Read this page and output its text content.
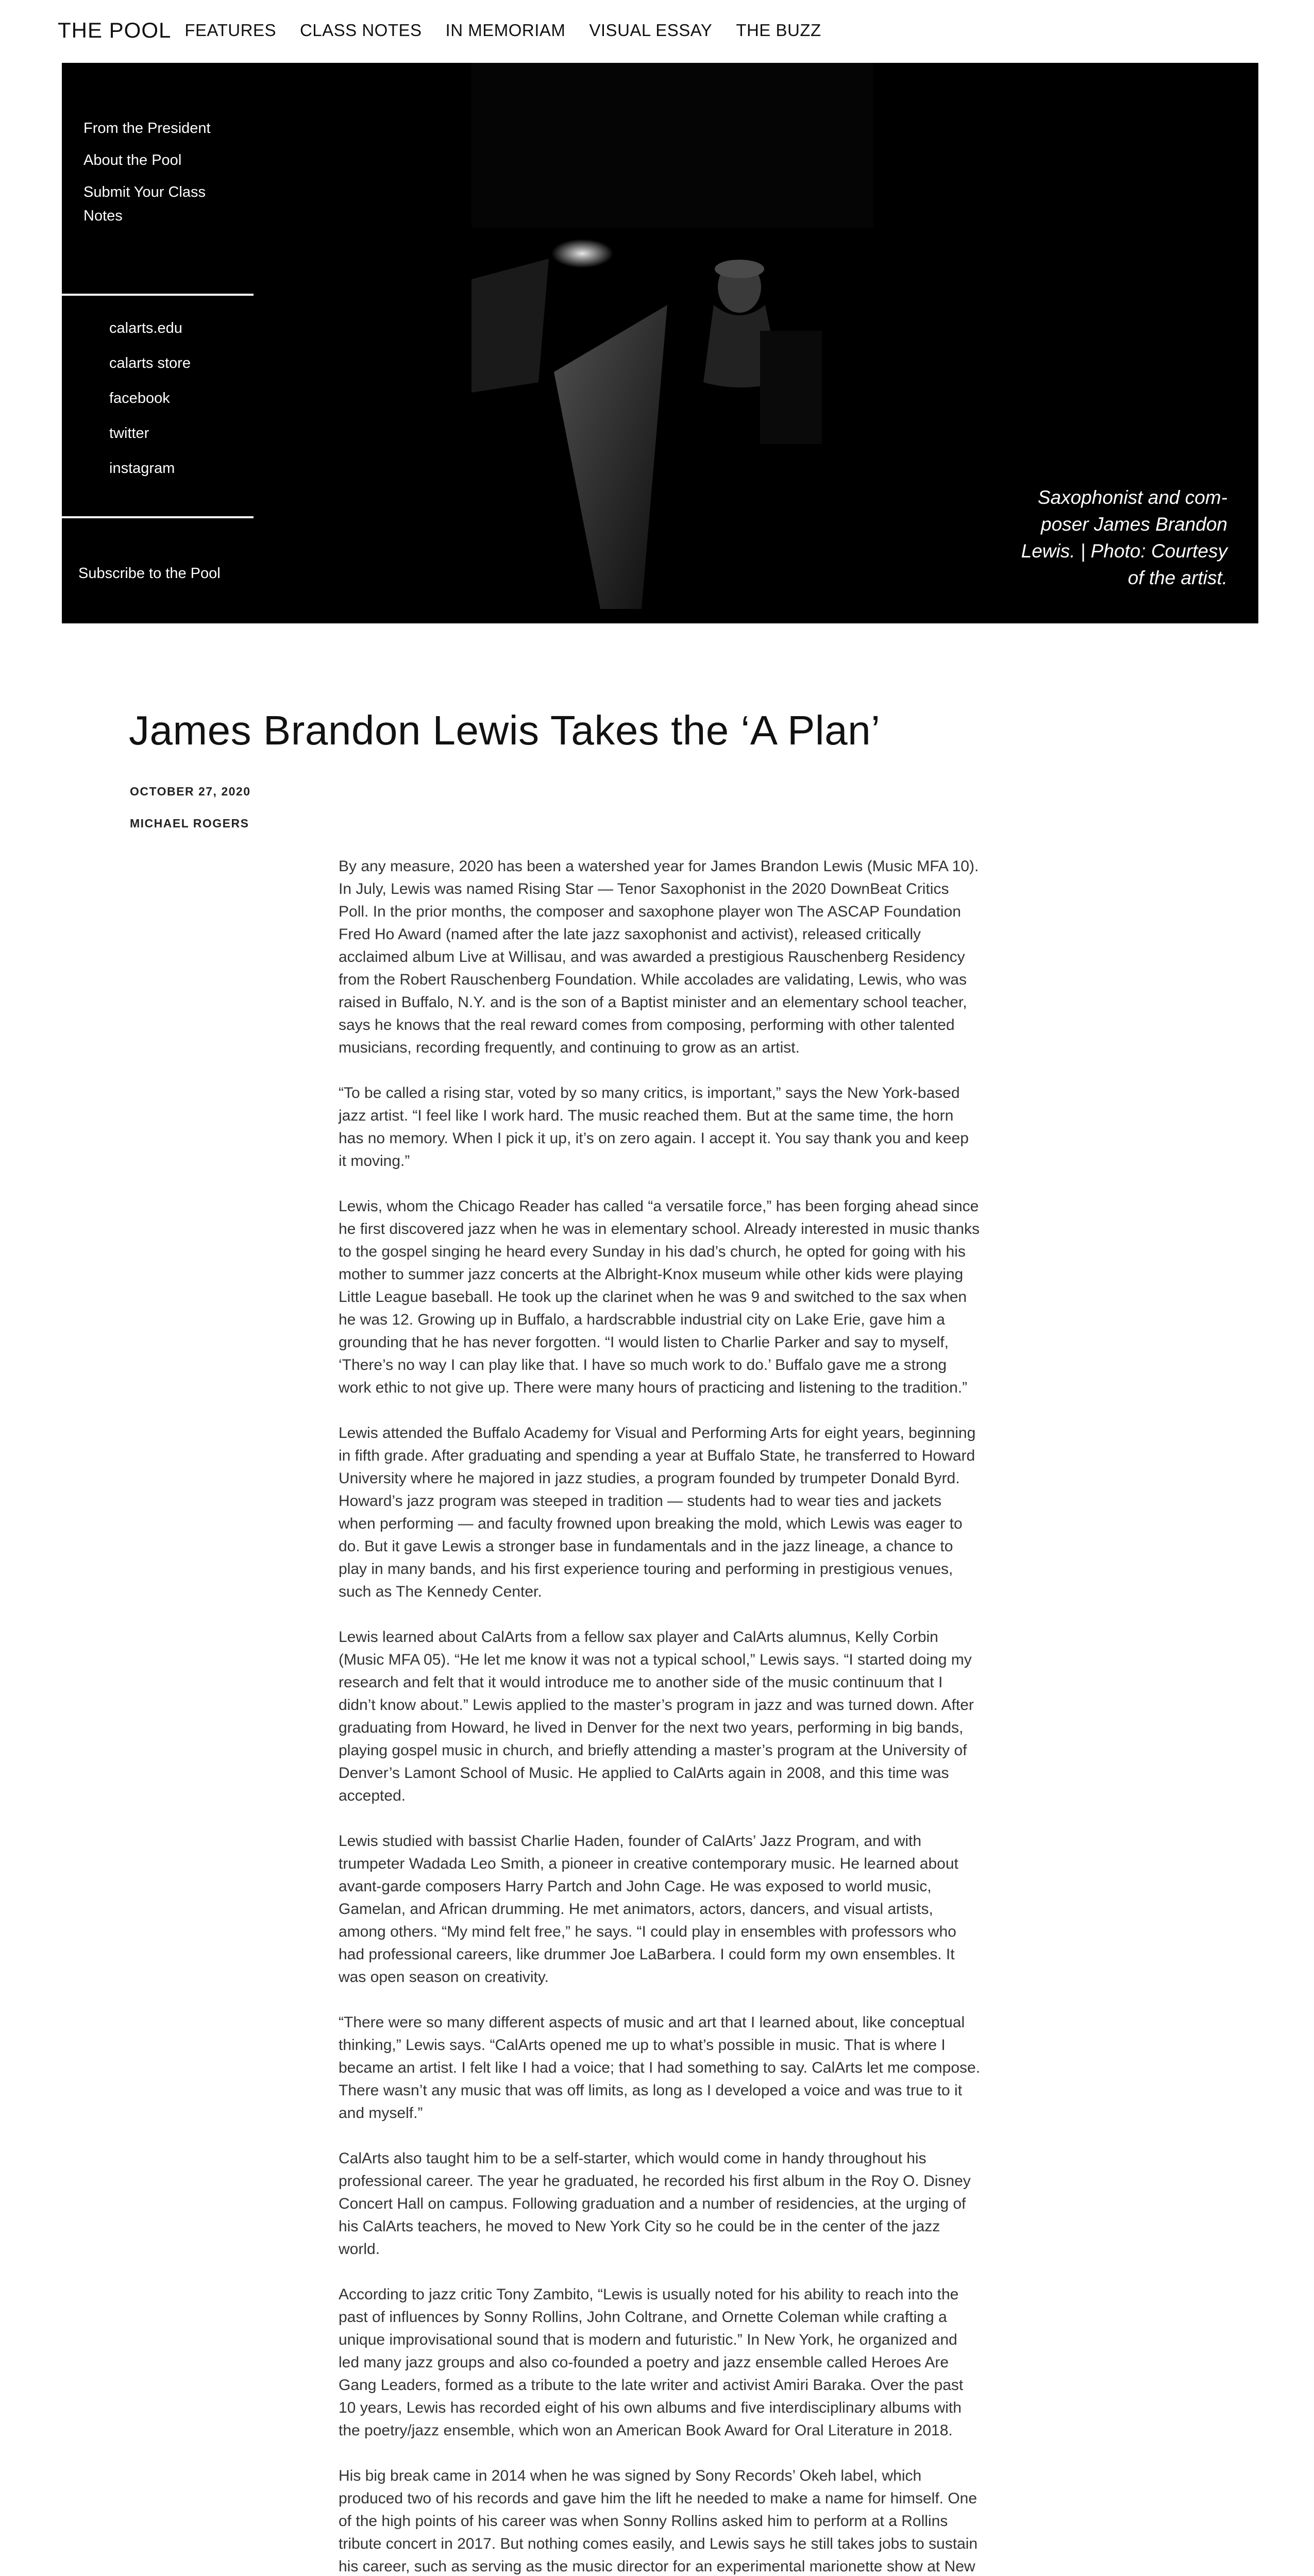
THE POOL FEATURES CLASS NOTES IN MEMORIAM VISUAL ESSAY THE BUZZ
From the President
About the Pool
Submit Your Class Notes
calarts.edu
calarts store
facebook
twitter
instagram
Subscribe to the Pool
Saxophonist and com- poser James Brandon Lewis. | Photo: Courtesy of the artist.
James Brandon Lewis Takes the ‘A Plan’
OCTOBER 27, 2020
MICHAEL ROGERS

By any measure, 2020 has been a watershed year for James Brandon Lewis (Music MFA 10). In July, Lewis was named Rising Star — Tenor Saxophonist in the 2020 DownBeat Critics Poll. In the prior months, the composer and saxophone player won The ASCAP Foundation Fred Ho Award (named after the late jazz saxophonist and activist), released critically acclaimed album Live at Willisau, and was awarded a prestigious Rauschenberg Residency from the Robert Rauschenberg Foundation. While accolades are validating, Lewis, who was raised in Buffalo, N.Y. and is the son of a Baptist minister and an elementary school teacher, says he knows that the real reward comes from composing, performing with other talented musicians, recording frequently, and continuing to grow as an artist.

“To be called a rising star, voted by so many critics, is important,” says the New York-based jazz artist. “I feel like I work hard. The music reached them. But at the same time, the horn has no memory. When I pick it up, it’s on zero again. I accept it. You say thank you and keep it moving.”

Lewis, whom the Chicago Reader has called “a versatile force,” has been forging ahead since he first discovered jazz when he was in elementary school. Already interested in music thanks to the gospel singing he heard every Sunday in his dad’s church, he opted for going with his mother to summer jazz concerts at the Albright-Knox museum while other kids were playing Little League baseball. He took up the clarinet when he was 9 and switched to the sax when he was 12. Growing up in Buffalo, a hardscrabble industrial city on Lake Erie, gave him a grounding that he has never forgotten. “I would listen to Charlie Parker and say to myself, ‘There’s no way I can play like that. I have so much work to do.’ Buffalo gave me a strong work ethic to not give up. There were many hours of practicing and listening to the tradition.”

Lewis attended the Buffalo Academy for Visual and Performing Arts for eight years, beginning in fifth grade. After graduating and spending a year at Buffalo State, he transferred to Howard University where he majored in jazz studies, a program founded by trumpeter Donald Byrd. Howard’s jazz program was steeped in tradition — students had to wear ties and jackets when performing — and faculty frowned upon breaking the mold, which Lewis was eager to do. But it gave Lewis a stronger base in fundamentals and in the jazz lineage, a chance to play in many bands, and his first experience touring and performing in prestigious venues, such as The Kennedy Center.

Lewis learned about CalArts from a fellow sax player and CalArts alumnus, Kelly Corbin (Music MFA 05). “He let me know it was not a typical school,” Lewis says. “I started doing my research and felt that it would introduce me to another side of the music continuum that I didn’t know about.” Lewis applied to the master’s program in jazz and was turned down. After graduating from Howard, he lived in Denver for the next two years, performing in big bands, playing gospel music in church, and briefly attending a master’s program at the University of Denver’s Lamont School of Music. He applied to CalArts again in 2008, and this time was accepted.

Lewis studied with bassist Charlie Haden, founder of CalArts’ Jazz Program, and with trumpeter Wadada Leo Smith, a pioneer in creative contemporary music. He learned about avant-garde composers Harry Partch and John Cage. He was exposed to world music, Gamelan, and African drumming. He met animators, actors, dancers, and visual artists, among others. “My mind felt free,” he says. “I could play in ensembles with professors who had professional careers, like drummer Joe LaBarbera. I could form my own ensembles. It was open season on creativity.

“There were so many different aspects of music and art that I learned about, like conceptual thinking,” Lewis says. “CalArts opened me up to what’s possible in music. That is where I became an artist. I felt like I had a voice; that I had something to say. CalArts let me compose. There wasn’t any music that was off limits, as long as I developed a voice and was true to it and myself.”

CalArts also taught him to be a self-starter, which would come in handy throughout his professional career. The year he graduated, he recorded his first album in the Roy O. Disney Concert Hall on campus. Following graduation and a number of residencies, at the urging of his CalArts teachers, he moved to New York City so he could be in the center of the jazz world.

According to jazz critic Tony Zambito, “Lewis is usually noted for his ability to reach into the past of influences by Sonny Rollins, John Coltrane, and Ornette Coleman while crafting a unique improvisational sound that is modern and futuristic.” In New York, he organized and led many jazz groups and also co-founded a poetry and jazz ensemble called Heroes Are Gang Leaders, formed as a tribute to the late writer and activist Amiri Baraka. Over the past 10 years, Lewis has recorded eight of his own albums and five interdisciplinary albums with the poetry/jazz ensemble, which won an American Book Award for Oral Literature in 2018.

His big break came in 2014 when he was signed by Sony Records’ Okeh label, which produced two of his records and gave him the lift he needed to make a name for himself. One of the high points of his career was when Sonny Rollins asked him to perform at a Rollins tribute concert in 2017. But nothing comes easily, and Lewis says he still takes jobs to sustain his career, such as serving as the music director for an experimental marionette show at New
